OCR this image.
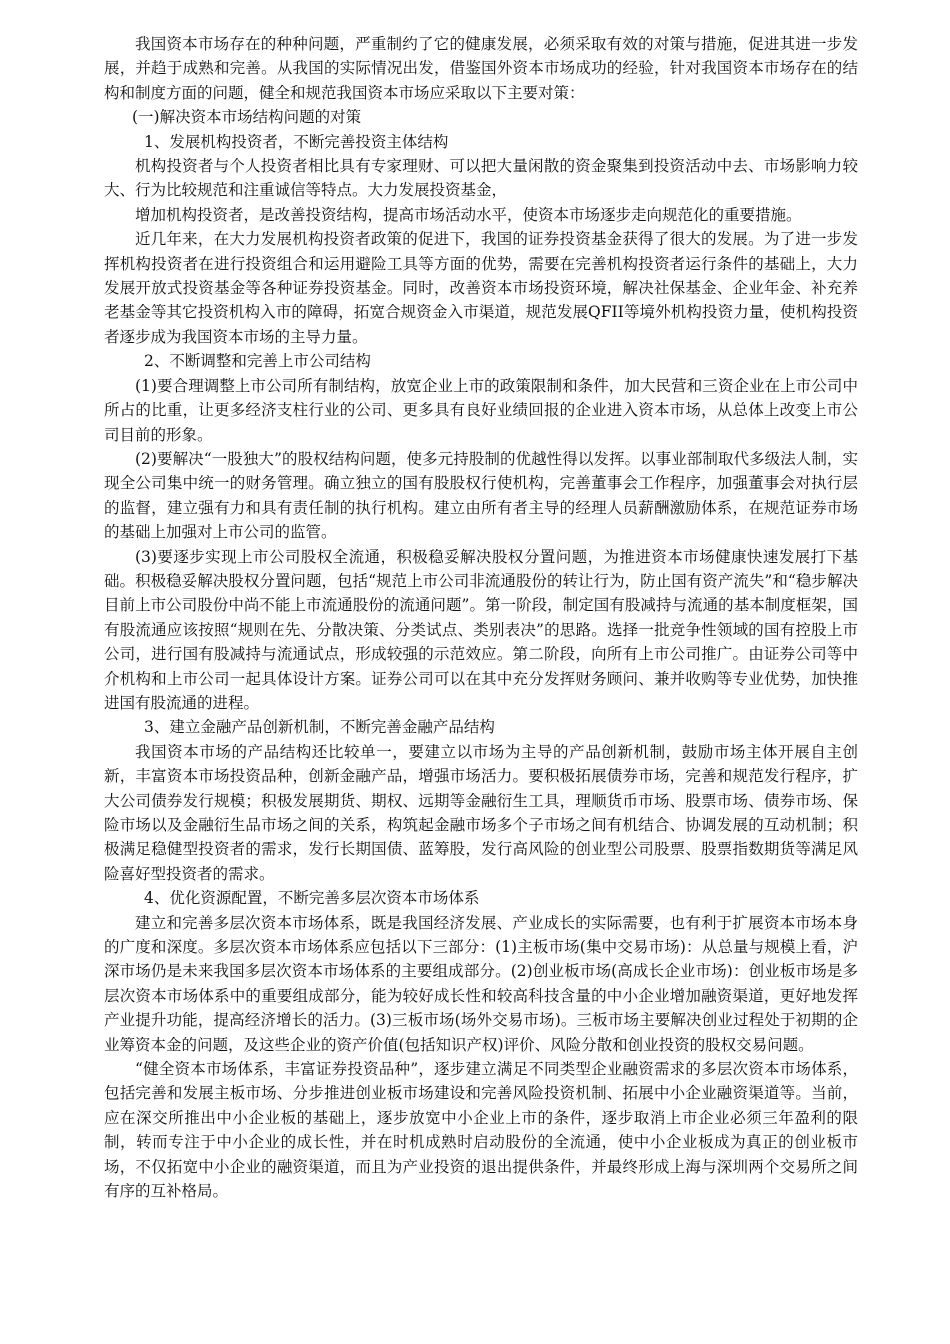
我国资本市场存在的种种问题，严重制约了它的健康发展，必须采取有效的对策与措施，促进其进一步发展，并趋于成熟和完善。从我国的实际情况出发，借鉴国外资本市场成功的经验，针对我国资本市场存在的结构和制度方面的问题，健全和规范我国资本市场应采取以下主要对策：

(一)解决资本市场结构问题的对策

1、发展机构投资者，不断完善投资主体结构

机构投资者与个人投资者相比具有专家理财、可以把大量闲散的资金聚集到投资活动中去、市场影响力较大、行为比较规范和注重诚信等特点。大力发展投资基金，

增加机构投资者，是改善投资结构，提高市场活动水平，使资本市场逐步走向规范化的重要措施。

近几年来，在大力发展机构投资者政策的促进下，我国的证券投资基金获得了很大的发展。为了进一步发挥机构投资者在进行投资组合和运用避险工具等方面的优势，需要在完善机构投资者运行条件的基础上，大力发展开放式投资基金等各种证券投资基金。同时，改善资本市场投资环境，解决社保基金、企业年金、补充养老基金等其它投资机构入市的障碍，拓宽合规资金入市渠道，规范发展QFII等境外机构投资力量，使机构投资者逐步成为我国资本市场的主导力量。

2、不断调整和完善上市公司结构

(1)要合理调整上市公司所有制结构，放宽企业上市的政策限制和条件，加大民营和三资企业在上市公司中所占的比重，让更多经济支柱行业的公司、更多具有良好业绩回报的企业进入资本市场，从总体上改变上市公司目前的形象。

(2)要解决“一股独大”的股权结构问题，使多元持股制的优越性得以发挥。以事业部制取代多级法人制，实现全公司集中统一的财务管理。确立独立的国有股股权行使机构，完善董事会工作程序，加强董事会对执行层的监督，建立强有力和具有责任制的执行机构。建立由所有者主导的经理人员薪酬激励体系，在规范证券市场的基础上加强对上市公司的监管。

(3)要逐步实现上市公司股权全流通，积极稳妥解决股权分置问题，为推进资本市场健康快速发展打下基础。积极稳妥解决股权分置问题，包括“规范上市公司非流通股份的转让行为，防止国有资产流失”和“稳步解决目前上市公司股份中尚不能上市流通股份的流通问题”。第一阶段，制定国有股减持与流通的基本制度框架，国有股流通应该按照“规则在先、分散决策、分类试点、类别表决”的思路。选择一批竞争性领域的国有控股上市公司，进行国有股减持与流通试点，形成较强的示范效应。第二阶段，向所有上市公司推广。由证券公司等中介机构和上市公司一起具体设计方案。证券公司可以在其中充分发挥财务顾问、兼并收购等专业优势，加快推进国有股流通的进程。

3、建立金融产品创新机制，不断完善金融产品结构

我国资本市场的产品结构还比较单一，要建立以市场为主导的产品创新机制，鼓励市场主体开展自主创新，丰富资本市场投资品种，创新金融产品，增强市场活力。要积极拓展债券市场，完善和规范发行程序，扩大公司债券发行规模；积极发展期货、期权、远期等金融衍生工具，理顺货币市场、股票市场、债券市场、保险市场以及金融衍生品市场之间的关系，构筑起金融市场多个子市场之间有机结合、协调发展的互动机制；积极满足稳健型投资者的需求，发行长期国债、蓝筹股，发行高风险的创业型公司股票、股票指数期货等满足风险喜好型投资者的需求。

4、优化资源配置，不断完善多层次资本市场体系

建立和完善多层次资本市场体系，既是我国经济发展、产业成长的实际需要，也有利于扩展资本市场本身的广度和深度。多层次资本市场体系应包括以下三部分：(1)主板市场(集中交易市场)：从总量与规模上看，沪深市场仍是未来我国多层次资本市场体系的主要组成部分。(2)创业板市场(高成长企业市场)：创业板市场是多层次资本市场体系中的重要组成部分，能为较好成长性和较高科技含量的中小企业增加融资渠道，更好地发挥产业提升功能，提高经济增长的活力。(3)三板市场(场外交易市场)。三板市场主要解决创业过程处于初期的企业筹资本金的问题，及这些企业的资产价值(包括知识产权)评价、风险分散和创业投资的股权交易问题。

“健全资本市场体系，丰富证券投资品种”，逐步建立满足不同类型企业融资需求的多层次资本市场体系，包括完善和发展主板市场、分步推进创业板市场建设和完善风险投资机制、拓展中小企业融资渠道等。当前，应在深交所推出中小企业板的基础上，逐步放宽中小企业上市的条件，逐步取消上市企业必须三年盈利的限制，转而专注于中小企业的成长性，并在时机成熟时启动股份的全流通，使中小企业板成为真正的创业板市场，不仅拓宽中小企业的融资渠道，而且为产业投资的退出提供条件，并最终形成上海与深圳两个交易所之间有序的互补格局。
